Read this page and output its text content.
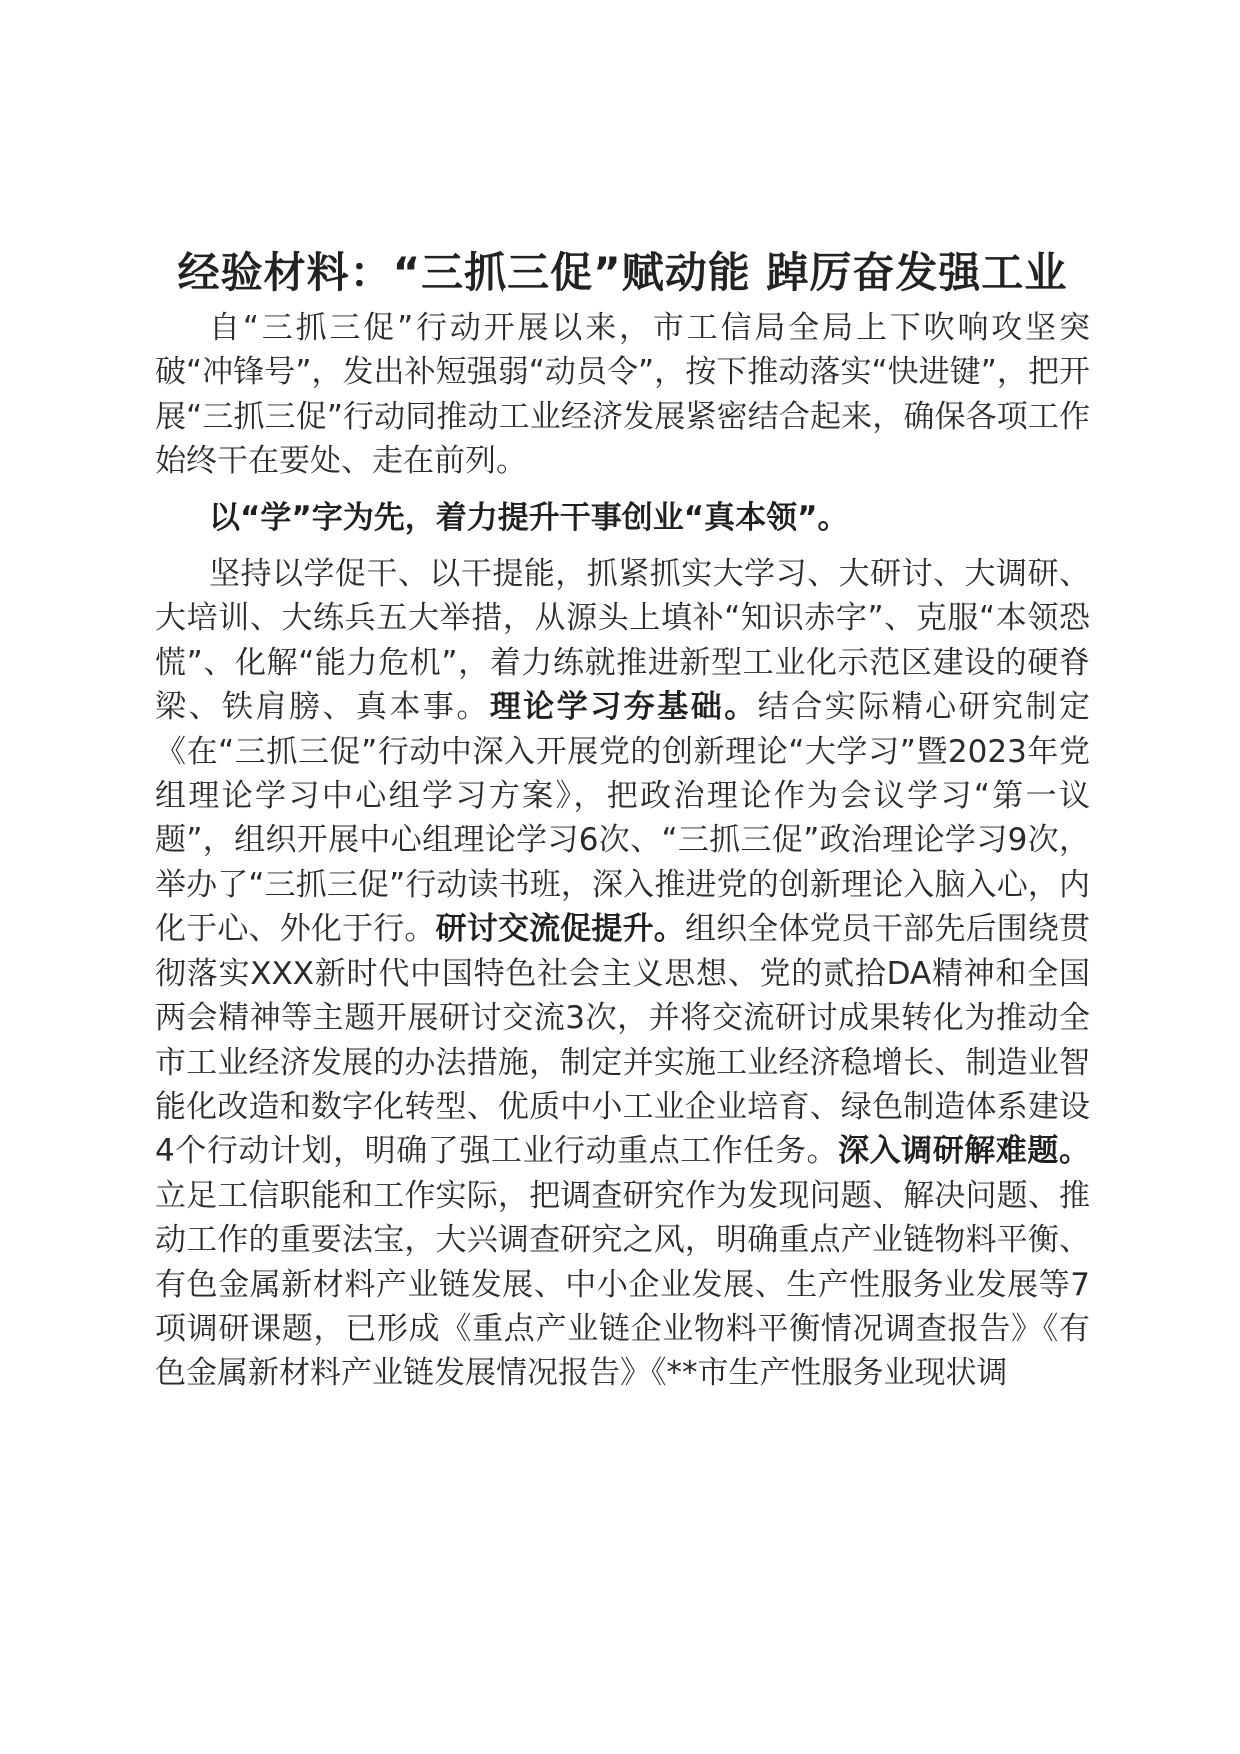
经验材料：“三抓三促”赋动能 踔厉奋发强工业

自“三抓三促”行动开展以来，市工信局全局上下吹响攻坚突破“冲锋号”，发出补短强弱“动员令”，按下推动落实“快进键”，把开展“三抓三促”行动同推动工业经济发展紧密结合起来，确保各项工作始终干在要处、走在前列。

以“学”字为先，着力提升干事创业“真本领”。

坚持以学促干、以干提能，抓紧抓实大学习、大研讨、大调研、大培训、大练兵五大举措，从源头上填补“知识赤字”、克服“本领恐慌”、化解“能力危机”，着力练就推进新型工业化示范区建设的硬脊梁、铁肩膀、真本事。理论学习夯基础。结合实际精心研究制定《在“三抓三促”行动中深入开展党的创新理论“大学习”暨2023年党组理论学习中心组学习方案》，把政治理论作为会议学习“第一议题”，组织开展中心组理论学习6次、“三抓三促”政治理论学习9次，举办了“三抓三促”行动读书班，深入推进党的创新理论入脑入心，内化于心、外化于行。研讨交流促提升。组织全体党员干部先后围绕贯彻落实XXX新时代中国特色社会主义思想、党的贰拾DA精神和全国两会精神等主题开展研讨交流3次，并将交流研讨成果转化为推动全市工业经济发展的办法措施，制定并实施工业经济稳增长、制造业智能化改造和数字化转型、优质中小工业企业培育、绿色制造体系建设4个行动计划，明确了强工业行动重点工作任务。深入调研解难题。立足工信职能和工作实际，把调查研究作为发现问题、解决问题、推动工作的重要法宝，大兴调查研究之风，明确重点产业链物料平衡、有色金属新材料产业链发展、中小企业发展、生产性服务业发展等7项调研课题，已形成《重点产业链企业物料平衡情况调查报告》《有色金属新材料产业链发展情况报告》《**市生产性服务业现状调
